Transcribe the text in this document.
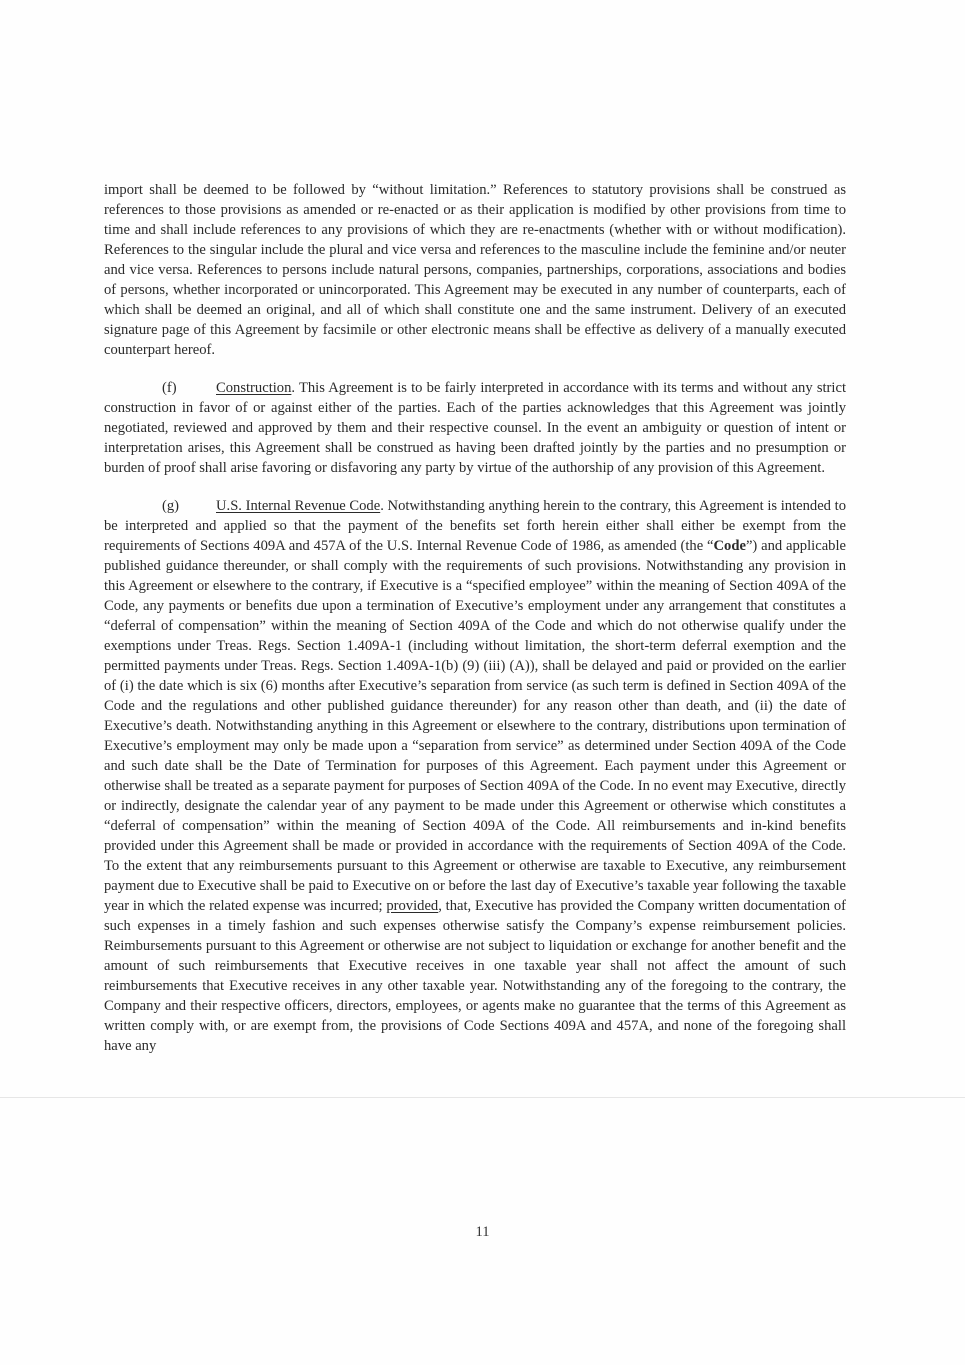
import shall be deemed to be followed by “without limitation.” References to statutory provisions shall be construed as references to those provisions as amended or re-enacted or as their application is modified by other provisions from time to time and shall include references to any provisions of which they are re-enactments (whether with or without modification). References to the singular include the plural and vice versa and references to the masculine include the feminine and/or neuter and vice versa. References to persons include natural persons, companies, partnerships, corporations, associations and bodies of persons, whether incorporated or unincorporated. This Agreement may be executed in any number of counterparts, each of which shall be deemed an original, and all of which shall constitute one and the same instrument. Delivery of an executed signature page of this Agreement by facsimile or other electronic means shall be effective as delivery of a manually executed counterpart hereof.

(f)	Construction. This Agreement is to be fairly interpreted in accordance with its terms and without any strict construction in favor of or against either of the parties. Each of the parties acknowledges that this Agreement was jointly negotiated, reviewed and approved by them and their respective counsel. In the event an ambiguity or question of intent or interpretation arises, this Agreement shall be construed as having been drafted jointly by the parties and no presumption or burden of proof shall arise favoring or disfavoring any party by virtue of the authorship of any provision of this Agreement.

(g)	U.S. Internal Revenue Code. Notwithstanding anything herein to the contrary, this Agreement is intended to be interpreted and applied so that the payment of the benefits set forth herein either shall either be exempt from the requirements of Sections 409A and 457A of the U.S. Internal Revenue Code of 1986, as amended (the “Code”) and applicable published guidance thereunder, or shall comply with the requirements of such provisions. Notwithstanding any provision in this Agreement or elsewhere to the contrary, if Executive is a “specified employee” within the meaning of Section 409A of the Code, any payments or benefits due upon a termination of Executive’s employment under any arrangement that constitutes a “deferral of compensation” within the meaning of Section 409A of the Code and which do not otherwise qualify under the exemptions under Treas. Regs. Section 1.409A-1 (including without limitation, the short-term deferral exemption and the permitted payments under Treas. Regs. Section 1.409A-1(b) (9) (iii) (A)), shall be delayed and paid or provided on the earlier of (i) the date which is six (6) months after Executive’s separation from service (as such term is defined in Section 409A of the Code and the regulations and other published guidance thereunder) for any reason other than death, and (ii) the date of Executive’s death. Notwithstanding anything in this Agreement or elsewhere to the contrary, distributions upon termination of Executive’s employment may only be made upon a “separation from service” as determined under Section 409A of the Code and such date shall be the Date of Termination for purposes of this Agreement. Each payment under this Agreement or otherwise shall be treated as a separate payment for purposes of Section 409A of the Code. In no event may Executive, directly or indirectly, designate the calendar year of any payment to be made under this Agreement or otherwise which constitutes a “deferral of compensation” within the meaning of Section 409A of the Code. All reimbursements and in-kind benefits provided under this Agreement shall be made or provided in accordance with the requirements of Section 409A of the Code. To the extent that any reimbursements pursuant to this Agreement or otherwise are taxable to Executive, any reimbursement payment due to Executive shall be paid to Executive on or before the last day of Executive’s taxable year following the taxable year in which the related expense was incurred; provided, that, Executive has provided the Company written documentation of such expenses in a timely fashion and such expenses otherwise satisfy the Company’s expense reimbursement policies. Reimbursements pursuant to this Agreement or otherwise are not subject to liquidation or exchange for another benefit and the amount of such reimbursements that Executive receives in one taxable year shall not affect the amount of such reimbursements that Executive receives in any other taxable year. Notwithstanding any of the foregoing to the contrary, the Company and their respective officers, directors, employees, or agents make no guarantee that the terms of this Agreement as written comply with, or are exempt from, the provisions of Code Sections 409A and 457A, and none of the foregoing shall have any

11
